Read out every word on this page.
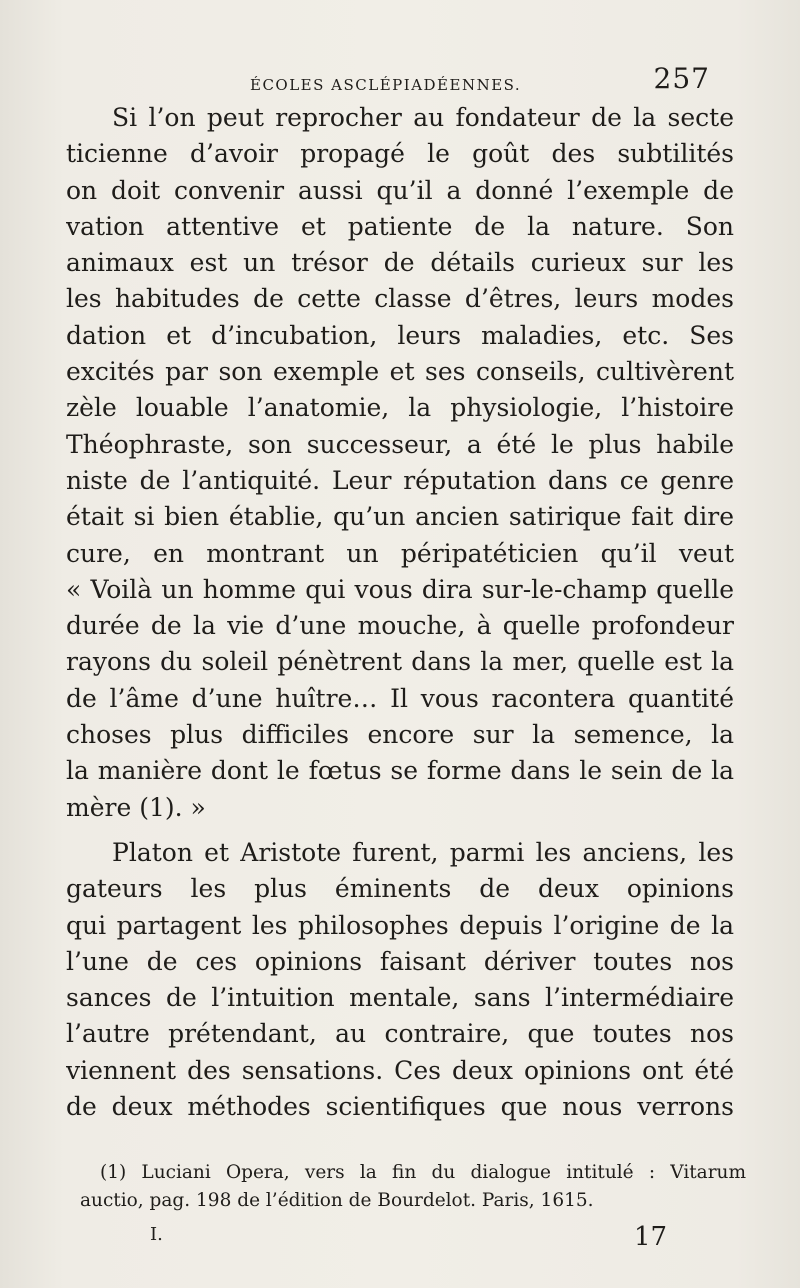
ÉCOLES ASCLÉPIADÉENNES.	257
Si l’on peut reprocher au fondateur de la secte
ticienne d’avoir propagé le goût des subtilités
on doit convenir aussi qu’il a donné l’exemple de
vation attentive et patiente de la nature. Son
animaux est un trésor de détails curieux sur les
les habitudes de cette classe d’êtres, leurs modes
dation et d’incubation, leurs maladies, etc. Ses
excités par son exemple et ses conseils, cultivèrent
zèle louable l’anatomie, la physiologie, l’histoire
Théophraste, son successeur, a été le plus habile
niste de l’antiquité. Leur réputation dans ce genre
était si bien établie, qu’un ancien satirique fait dire
cure, en montrant un péripatéticien qu’il veut
« Voilà un homme qui vous dira sur-le-champ quelle
durée de la vie d’une mouche, à quelle profondeur
rayons du soleil pénètrent dans la mer, quelle est la
de l’âme d’une huître… Il vous racontera quantité
choses plus difficiles encore sur la semence, la
la manière dont le fœtus se forme dans le sein de la
mère (1). »
Platon et Aristote furent, parmi les anciens, les
gateurs les plus éminents de deux opinions
qui partagent les philosophes depuis l’origine de la
l’une de ces opinions faisant dériver toutes nos
sances de l’intuition mentale, sans l’intermédiaire
l’autre prétendant, au contraire, que toutes nos
viennent des sensations. Ces deux opinions ont été
de deux méthodes scientifiques que nous verrons
(1) Luciani Opera, vers la fin du dialogue intitulé : Vitarum
auctio, pag. 198 de l’édition de Bourdelot. Paris, 1615.
I.	17
